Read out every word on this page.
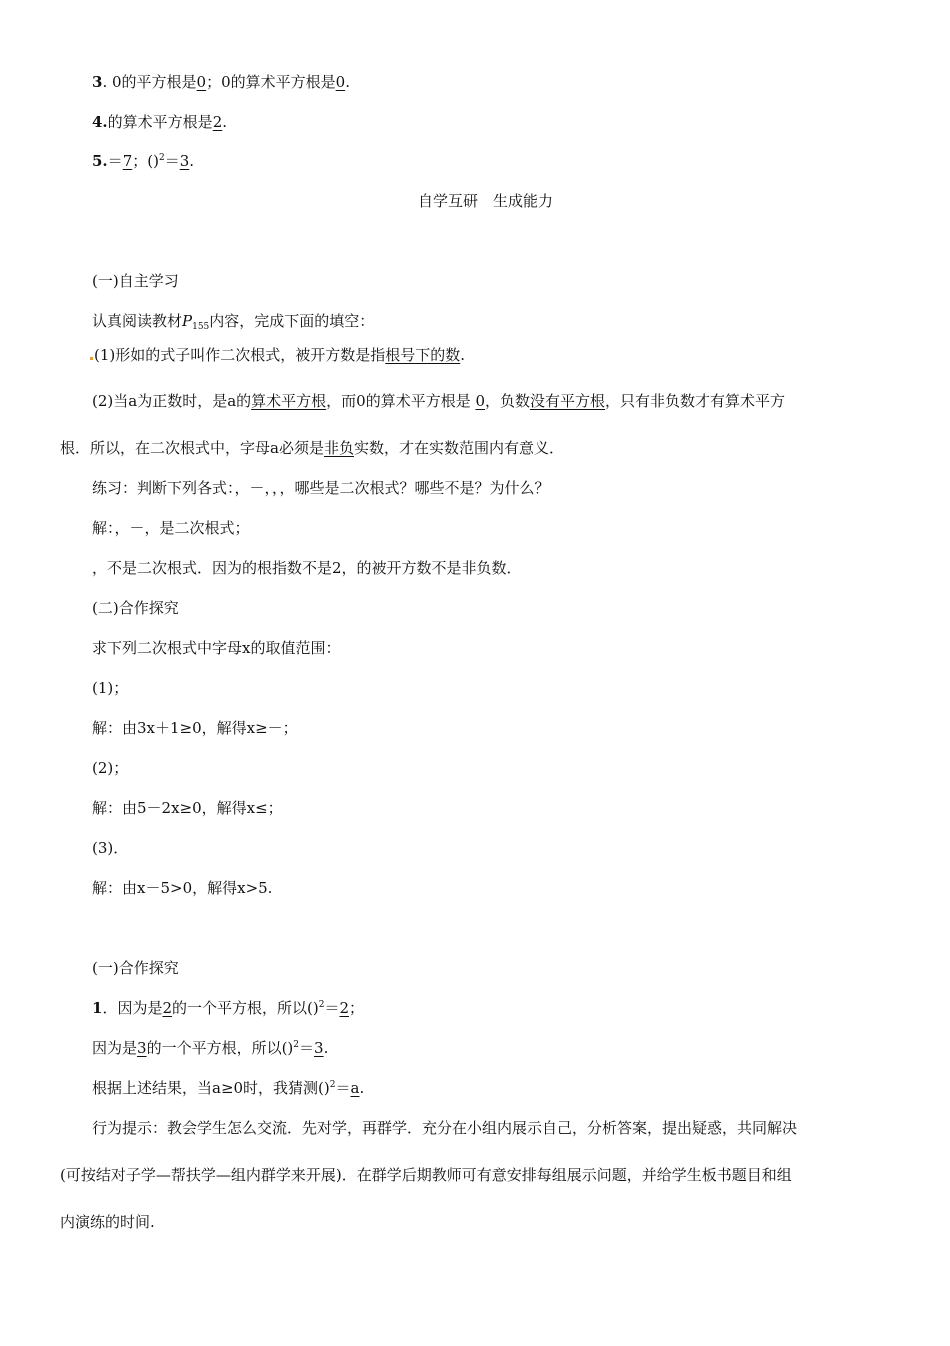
3. 0的平方根是0；0的算术平方根是0.
4.的算术平方根是2.
5.＝7；()$^2$＝3.
自学互研　生成能力
(一)自主学习
认真阅读教材$P_{155}$内容，完成下面的填空：
(1)形如的式子叫作二次根式，被开方数是指根号下的数.
(2)当a为正数时，是a的算术平方根，而0的算术平方根是 0，负数没有平方根，只有非负数才有算术平方
根．所以，在二次根式中，字母a必须是非负实数，才在实数范围内有意义．
练习：判断下列各式：，－，，，哪些是二次根式？哪些不是？为什么？
解：，－，是二次根式；
，不是二次根式．因为的根指数不是2，的被开方数不是非负数．
(二)合作探究
求下列二次根式中字母x的取值范围：
(1)；
解：由3x＋1≥0，解得x≥－；
(2)；
解：由5－2x≥0，解得x≤；
(3)．
解：由x－5>0，解得x>5.
(一)合作探究
1．因为是2的一个平方根，所以()$^2$＝2；
因为是3的一个平方根，所以()$^2$＝3.
根据上述结果，当a≥0时，我猜测()$^2$＝a.
行为提示：教会学生怎么交流．先对学，再群学．充分在小组内展示自己，分析答案，提出疑惑，共同解决
(可按结对子学—帮扶学—组内群学来开展)．在群学后期教师可有意安排每组展示问题，并给学生板书题目和组
内演练的时间.
